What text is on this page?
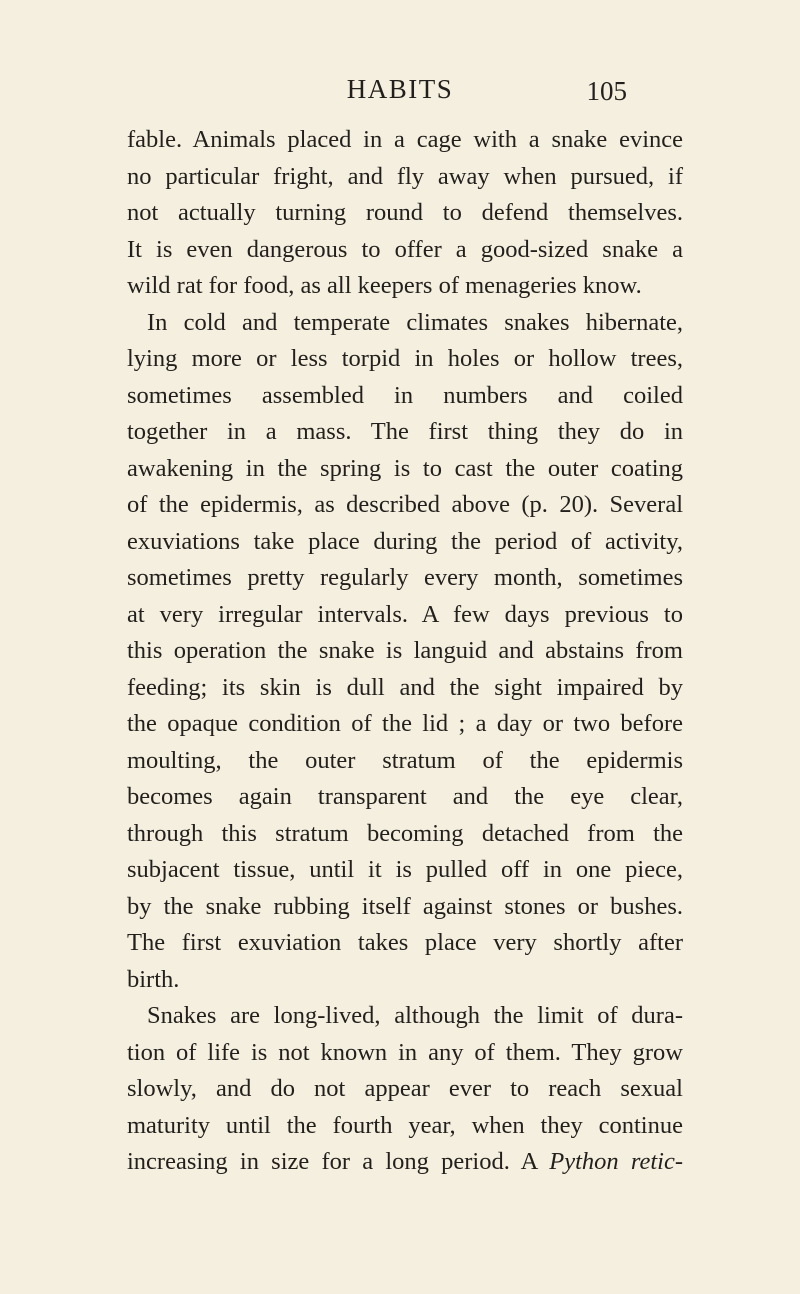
HABITS	105
fable. Animals placed in a cage with a snake evince
no particular fright, and fly away when pursued, if
not actually turning round to defend themselves.
It is even dangerous to offer a good-sized snake a
wild rat for food, as all keepers of menageries know.
In cold and temperate climates snakes hibernate,
lying more or less torpid in holes or hollow trees,
sometimes assembled in numbers and coiled
together in a mass. The first thing they do in
awakening in the spring is to cast the outer coating
of the epidermis, as described above (p. 20). Several
exuviations take place during the period of activity,
sometimes pretty regularly every month, sometimes
at very irregular intervals. A few days previous to
this operation the snake is languid and abstains from
feeding; its skin is dull and the sight impaired by
the opaque condition of the lid ; a day or two before
moulting, the outer stratum of the epidermis
becomes again transparent and the eye clear,
through this stratum becoming detached from the
subjacent tissue, until it is pulled off in one piece,
by the snake rubbing itself against stones or bushes.
The first exuviation takes place very shortly after
birth.
Snakes are long-lived, although the limit of dura-
tion of life is not known in any of them. They grow
slowly, and do not appear ever to reach sexual
maturity until the fourth year, when they continue
increasing in size for a long period. A Python retic-
